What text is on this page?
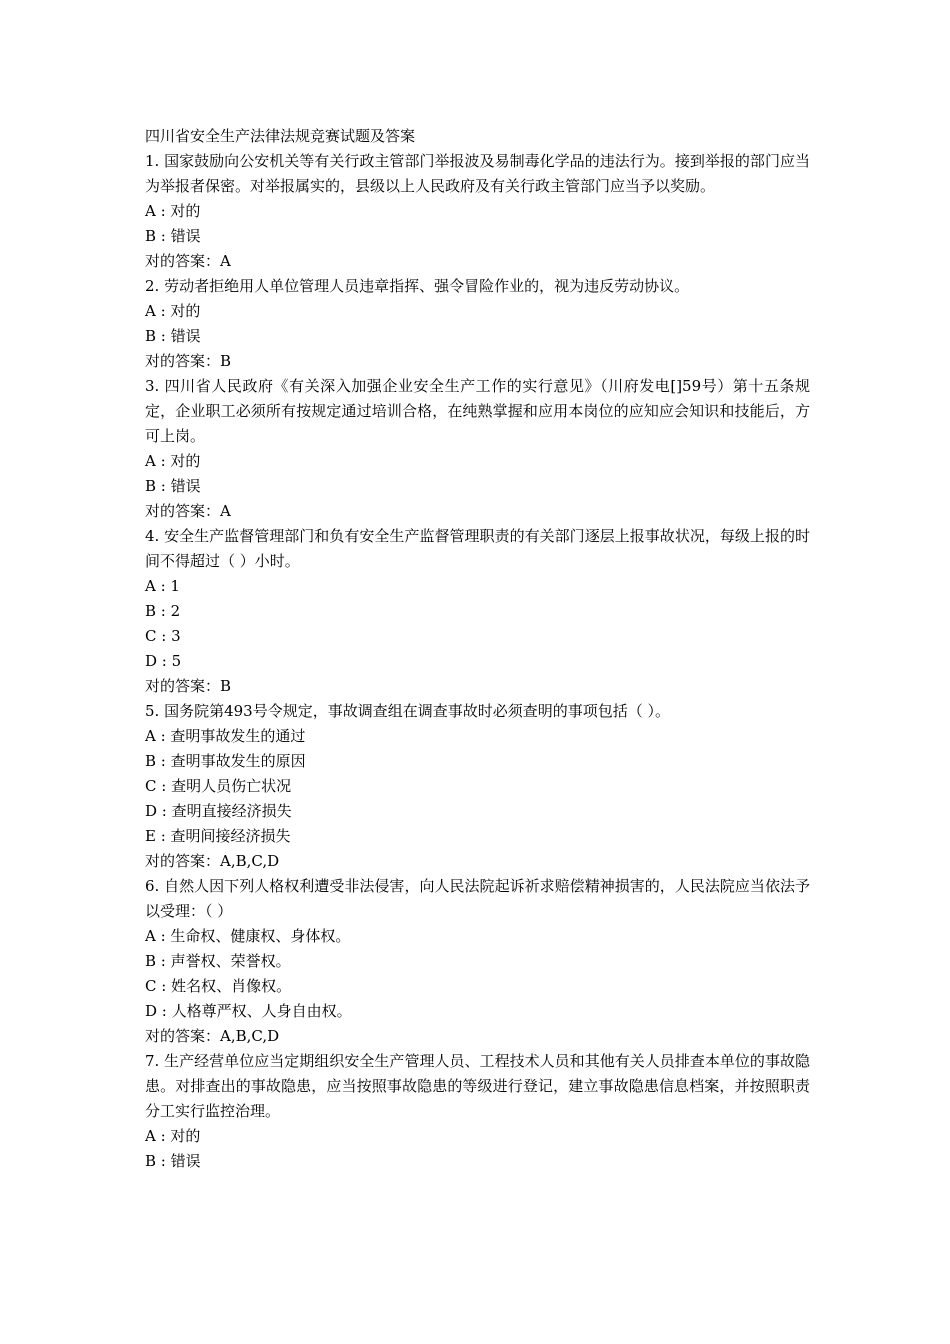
四川省安全生产法律法规竞赛试题及答案

1. 国家鼓励向公安机关等有关行政主管部门举报波及易制毒化学品的违法行为。接到举报的部门应当为举报者保密。对举报属实的，县级以上人民政府及有关行政主管部门应当予以奖励。

A : 对的

B : 错误

对的答案：A

2. 劳动者拒绝用人单位管理人员违章指挥、强令冒险作业的，视为违反劳动协议。

A : 对的

B : 错误

对的答案：B

3. 四川省人民政府《有关深入加强企业安全生产工作的实行意见》（川府发电[]59号）第十五条规定，企业职工必须所有按规定通过培训合格，在纯熟掌握和应用本岗位的应知应会知识和技能后，方可上岗。

A : 对的

B : 错误

对的答案：A

4. 安全生产监督管理部门和负有安全生产监督管理职责的有关部门逐层上报事故状况，每级上报的时间不得超过（ ）小时。

A : 1

B : 2

C : 3

D : 5

对的答案：B

5. 国务院第493号令规定，事故调查组在调查事故时必须查明的事项包括（ ）。

A : 查明事故发生的通过

B : 查明事故发生的原因

C : 查明人员伤亡状况

D : 查明直接经济损失

E : 查明间接经济损失

对的答案：A,B,C,D

6. 自然人因下列人格权利遭受非法侵害，向人民法院起诉祈求赔偿精神损害的，人民法院应当依法予以受理：（ ）

A : 生命权、健康权、身体权。

B : 声誉权、荣誉权。

C : 姓名权、肖像权。

D : 人格尊严权、人身自由权。

对的答案：A,B,C,D

7. 生产经营单位应当定期组织安全生产管理人员、工程技术人员和其他有关人员排查本单位的事故隐患。对排查出的事故隐患，应当按照事故隐患的等级进行登记，建立事故隐患信息档案，并按照职责分工实行监控治理。

A : 对的

B : 错误
